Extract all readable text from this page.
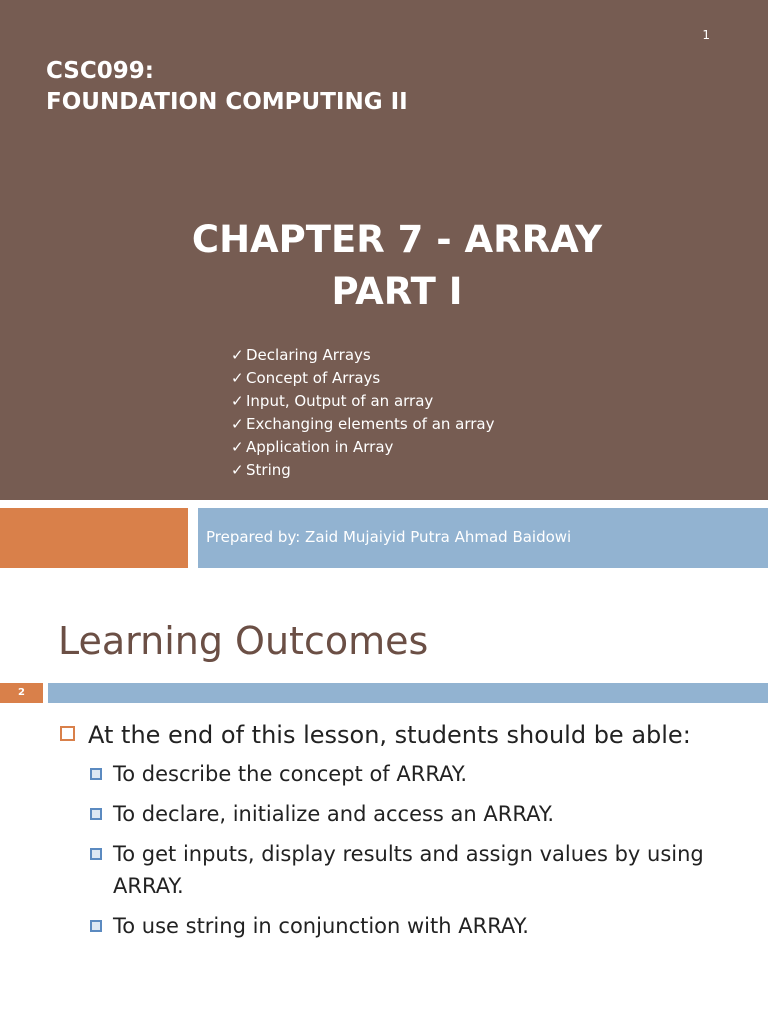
1
CSC099:
FOUNDATION COMPUTING II
CHAPTER 7 - ARRAY
PART I
✓ Declaring Arrays
✓ Concept of Arrays
✓ Input, Output of an array
✓ Exchanging elements of an array
✓ Application in Array
✓ String
Prepared by: Zaid Mujaiyid Putra Ahmad Baidowi
Learning Outcomes
2
At the end of this lesson, students should be able:
To describe the concept of ARRAY.
To declare, initialize and access an ARRAY.
To get inputs, display results and assign values by using ARRAY.
To use string in conjunction with ARRAY.
